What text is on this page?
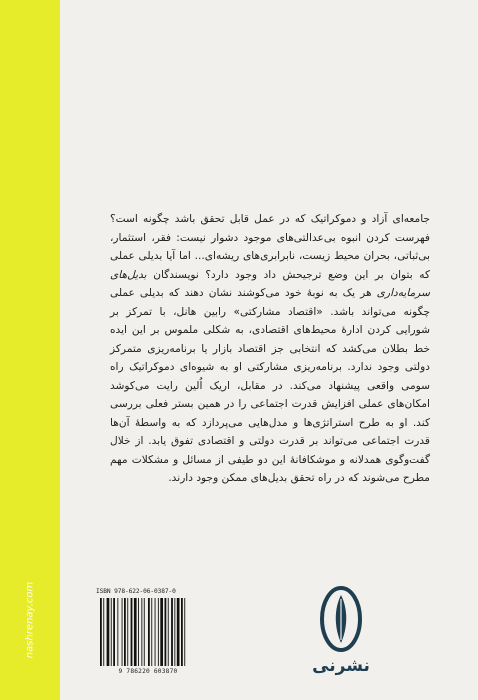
nashrenay.com

جامعه‌ای آزاد و دموکراتیک که در عمل قابل تحقق باشد چگونه است؟ فهرست کردن انبوه بی‌عدالتی‌های موجود دشوار نیست: فقر، استثمار، بی‌ثباتی، بحران محیط زیست، نابرابری‌های ریشه‌ای... اما آیا بدیلی عملی که بتوان بر این وضع ترجیحش داد وجود دارد؟ نویسندگان بدیل‌های سرمایه‌داری هر یک به نوبهٔ خود می‌کوشند نشان دهند که بدیلی عملی چگونه می‌تواند باشد. «اقتصاد مشارکتی» رابین هانل، با تمرکز بر شورایی کردن ادارهٔ محیط‌های اقتصادی، به شکلی ملموس بر این ایده خط بطلان می‌کشد که انتخابی جز اقتصاد بازار یا برنامه‌ریزی متمرکز دولتی وجود ندارد. برنامه‌ریزی مشارکتی او به شیوه‌ای دموکراتیک راه سومی واقعی پیشنهاد می‌کند. در مقابل، اریک اُلین رایت می‌کوشد امکان‌های عملی افزایش قدرت اجتماعی را در همین بستر فعلی بررسی کند. او به طرح استراتژی‌ها و مدل‌هایی می‌پردازد که به واسطهٔ آن‌ها قدرت اجتماعی می‌تواند بر قدرت دولتی و اقتصادی تفوق یابد. از خلال گفت‌وگوی همدلانه و موشکافانهٔ این دو طیفی از مسائل و مشکلات مهم مطرح می‌شوند که در راه تحقق بدیل‌های ممکن وجود دارند.

ISBN 978-622-06-0387-0
9 786220 603870	نشرنی
